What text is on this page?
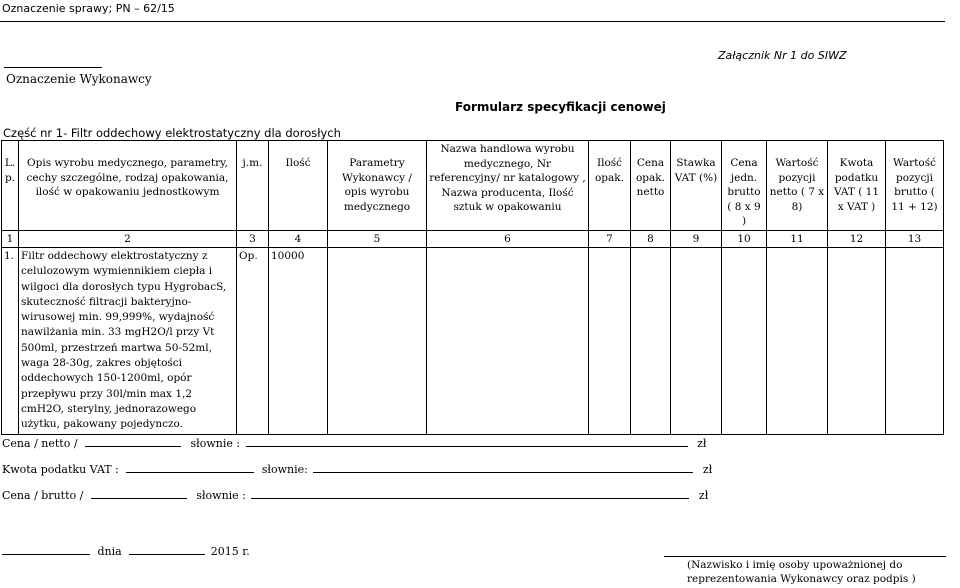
Oznaczenie sprawy; PN – 62/15
Załącznik Nr 1 do SIWZ
Oznaczenie Wykonawcy
Formularz specyfikacji cenowej
Część nr 1- Filtr oddechowy elektrostatyczny dla dorosłych
L. p.	Opis wyrobu medycznego, parametry, cechy szczególne, rodzaj opakowania, ilość w opakowaniu jednostkowym	j.m.	Ilość	Parametry Wykonawcy / opis wyrobu medycznego	Nazwa handlowa wyrobu medycznego, Nr referencyjny/ nr katalogowy , Nazwa producenta, Ilość sztuk w opakowaniu	Ilość opak.	Cena opak. netto	Stawka VAT (%)	Cena jedn. brutto ( 8 x 9 )	Wartość pozycji netto ( 7 x 8)	Kwota podatku VAT ( 11 x VAT )	Wartość pozycji brutto ( 11 + 12)

1	2	3	4	5	6	7	8	9	10	11	12	13
1.	Filtr oddechowy elektrostatyczny z celulozowym wymiennikiem ciepła i wilgoci dla dorosłych typu HygrobacS, skuteczność filtracji bakteryjno-wirusowej min. 99,999%, wydajność nawilżania min. 33 mgH2O/l przy Vt 500ml, przestrzeń martwa 50-52ml, waga 28-30g, zakres objętości oddechowych 150-1200ml, opór przepływu przy 30l/min max 1,2 cmH2O, sterylny, jednorazowego użytku, pakowany pojedynczo.	Op.	10000									
Cena / netto /	słownie :	zł
Kwota podatku VAT :	słownie:	zł
Cena / brutto /	słownie :	zł
dnia	2015 r.
(Nazwisko i imię osoby upoważnionej do
reprezentowania Wykonawcy oraz podpis )
